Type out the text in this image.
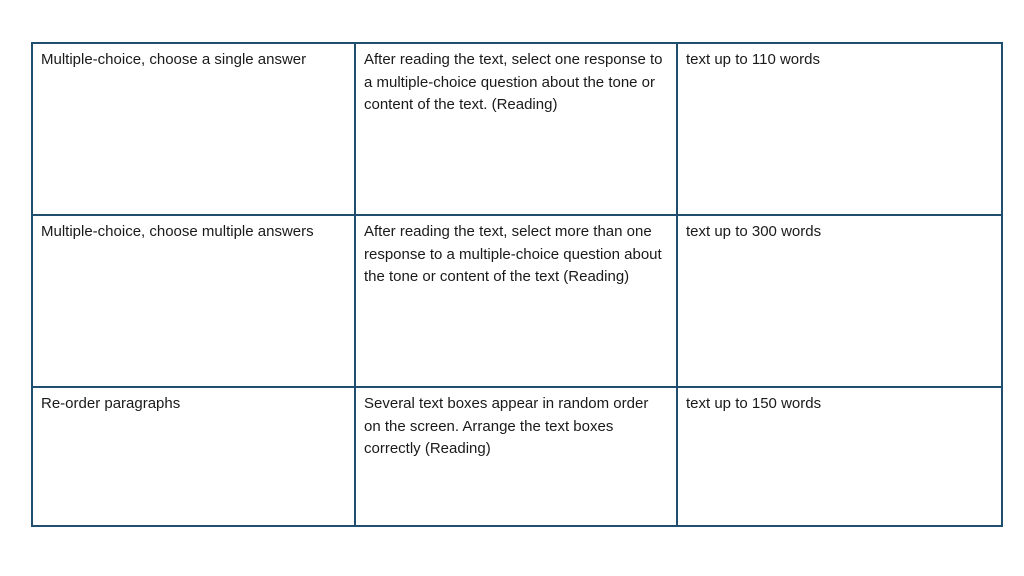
Multiple-choice, choose a single answer	After reading the text, select one response to a multiple-choice question about the tone or content of the text. (Reading)	text up to 110 words
Multiple-choice, choose multiple answers	After reading the text, select more than one response to a multiple-choice question about the tone or content of the text (Reading)	text up to 300 words
Re-order paragraphs	Several text boxes appear in random order on the screen. Arrange the text boxes correctly (Reading)	text up to 150 words
